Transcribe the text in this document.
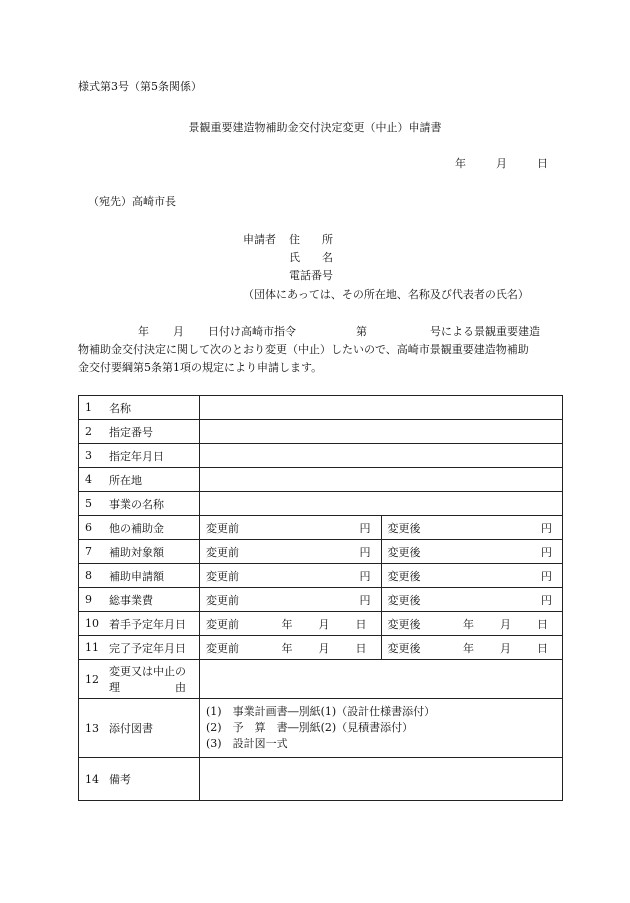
様式第3号（第5条関係）
景観重要建造物補助金交付決定変更（中止）申請書
年	月	日
（宛先）高崎市長
申請者 住　　所
氏　　名
電話番号
（団体にあっては、その所在地、名称及び代表者の氏名）
年 月 日付け高崎市指令	第	号による景観重要建造
物補助金交付決定に関して次のとおり変更（中止）したいので、高崎市景観重要建造物補助
金交付要綱第5条第1項の規定により申請します。
1	名称		

2	指定番号		
3	指定年月日		
4	所在地		
5	事業の名称		
6	他の補助金	変更前 円	変更後 円

7	補助対象額	変更前 円	変更後 円

8	補助申請額	変更前 円	変更後 円

9	総事業費	変更前 円	変更後 円

10	着手予定年月日	変更前 年 月 日	変更後 年 月 日

11	完了予定年月日	変更前 年 月 日	変更後 年 月 日

12	変更又は中止の
理　　　　　由		

13	添付図書	(1)　事業計画書―別紙(1)（設計仕様書添付）
(2)　予　算　書―別紙(2)（見積書添付）
(3)　設計図一式	

14	備考		
